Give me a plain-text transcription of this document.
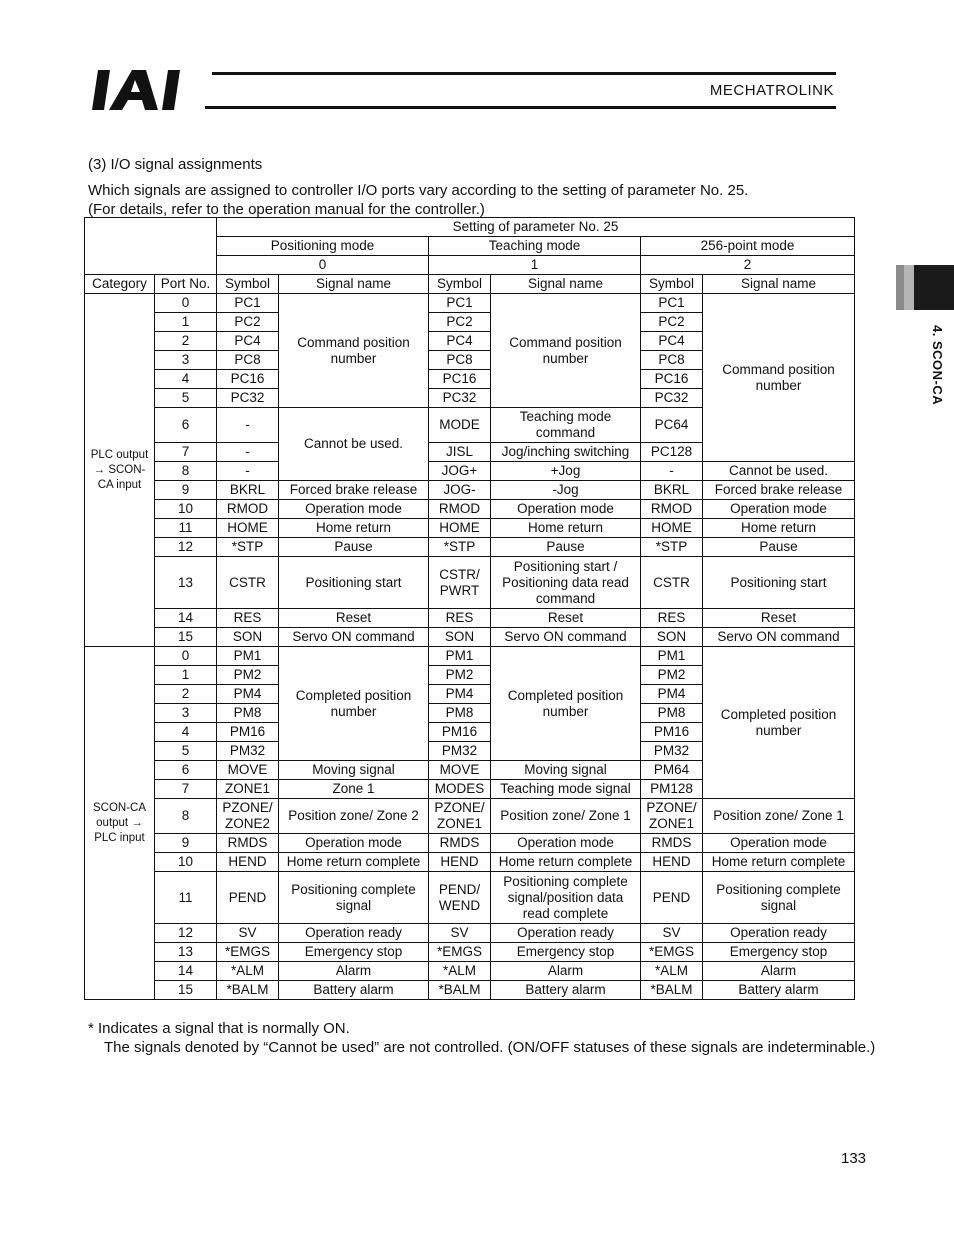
MECHATROLINK
4. SCON-CA
(3) I/O signal assignments
Which signals are assigned to controller I/O ports vary according to the setting of parameter No. 25.
(For details, refer to the operation manual for the controller.)
		Setting of parameter No. 25					
		Positioning mode		Teaching mode		256-point mode	
		0		1		2	
Category	Port No.	Symbol	Signal name	Symbol	Signal name	Symbol	Signal name
PLC output → SCON-CA input	0	PC1	Command position number	PC1	Command position number	PC1	Command position number
	1	PC2		PC2		PC2	
	2	PC4		PC4		PC4	
	3	PC8		PC8		PC8	
	4	PC16		PC16		PC16	
	5	PC32		PC32		PC32	
	6	-	Cannot be used.	MODE	Teaching mode command	PC64	
	7	-		JISL	Jog/inching switching	PC128	
	8	-		JOG+	+Jog	-	Cannot be used.
	9	BKRL	Forced brake release	JOG-	-Jog	BKRL	Forced brake release
	10	RMOD	Operation mode	RMOD	Operation mode	RMOD	Operation mode
	11	HOME	Home return	HOME	Home return	HOME	Home return
	12	*STP	Pause	*STP	Pause	*STP	Pause
	13	CSTR	Positioning start	CSTR/ PWRT	Positioning start / Positioning data read command	CSTR	Positioning start
	14	RES	Reset	RES	Reset	RES	Reset
	15	SON	Servo ON command	SON	Servo ON command	SON	Servo ON command
SCON-CA output → PLC input	0	PM1	Completed position number	PM1	Completed position number	PM1	Completed position number
	1	PM2		PM2		PM2	
	2	PM4		PM4		PM4	
	3	PM8		PM8		PM8	
	4	PM16		PM16		PM16	
	5	PM32		PM32		PM32	
	6	MOVE	Moving signal	MOVE	Moving signal	PM64	
	7	ZONE1	Zone 1	MODES	Teaching mode signal	PM128	
	8	PZONE/ ZONE2	Position zone/ Zone 2	PZONE/ ZONE1	Position zone/ Zone 1	PZONE/ ZONE1	Position zone/ Zone 1
	9	RMDS	Operation mode	RMDS	Operation mode	RMDS	Operation mode
	10	HEND	Home return complete	HEND	Home return complete	HEND	Home return complete
	11	PEND	Positioning complete signal	PEND/ WEND	Positioning complete signal/position data read complete	PEND	Positioning complete signal
	12	SV	Operation ready	SV	Operation ready	SV	Operation ready
	13	*EMGS	Emergency stop	*EMGS	Emergency stop	*EMGS	Emergency stop
	14	*ALM	Alarm	*ALM	Alarm	*ALM	Alarm
	15	*BALM	Battery alarm	*BALM	Battery alarm	*BALM	Battery alarm
* Indicates a signal that is normally ON.
The signals denoted by “Cannot be used” are not controlled. (ON/OFF statuses of these signals are indeterminable.)
133
